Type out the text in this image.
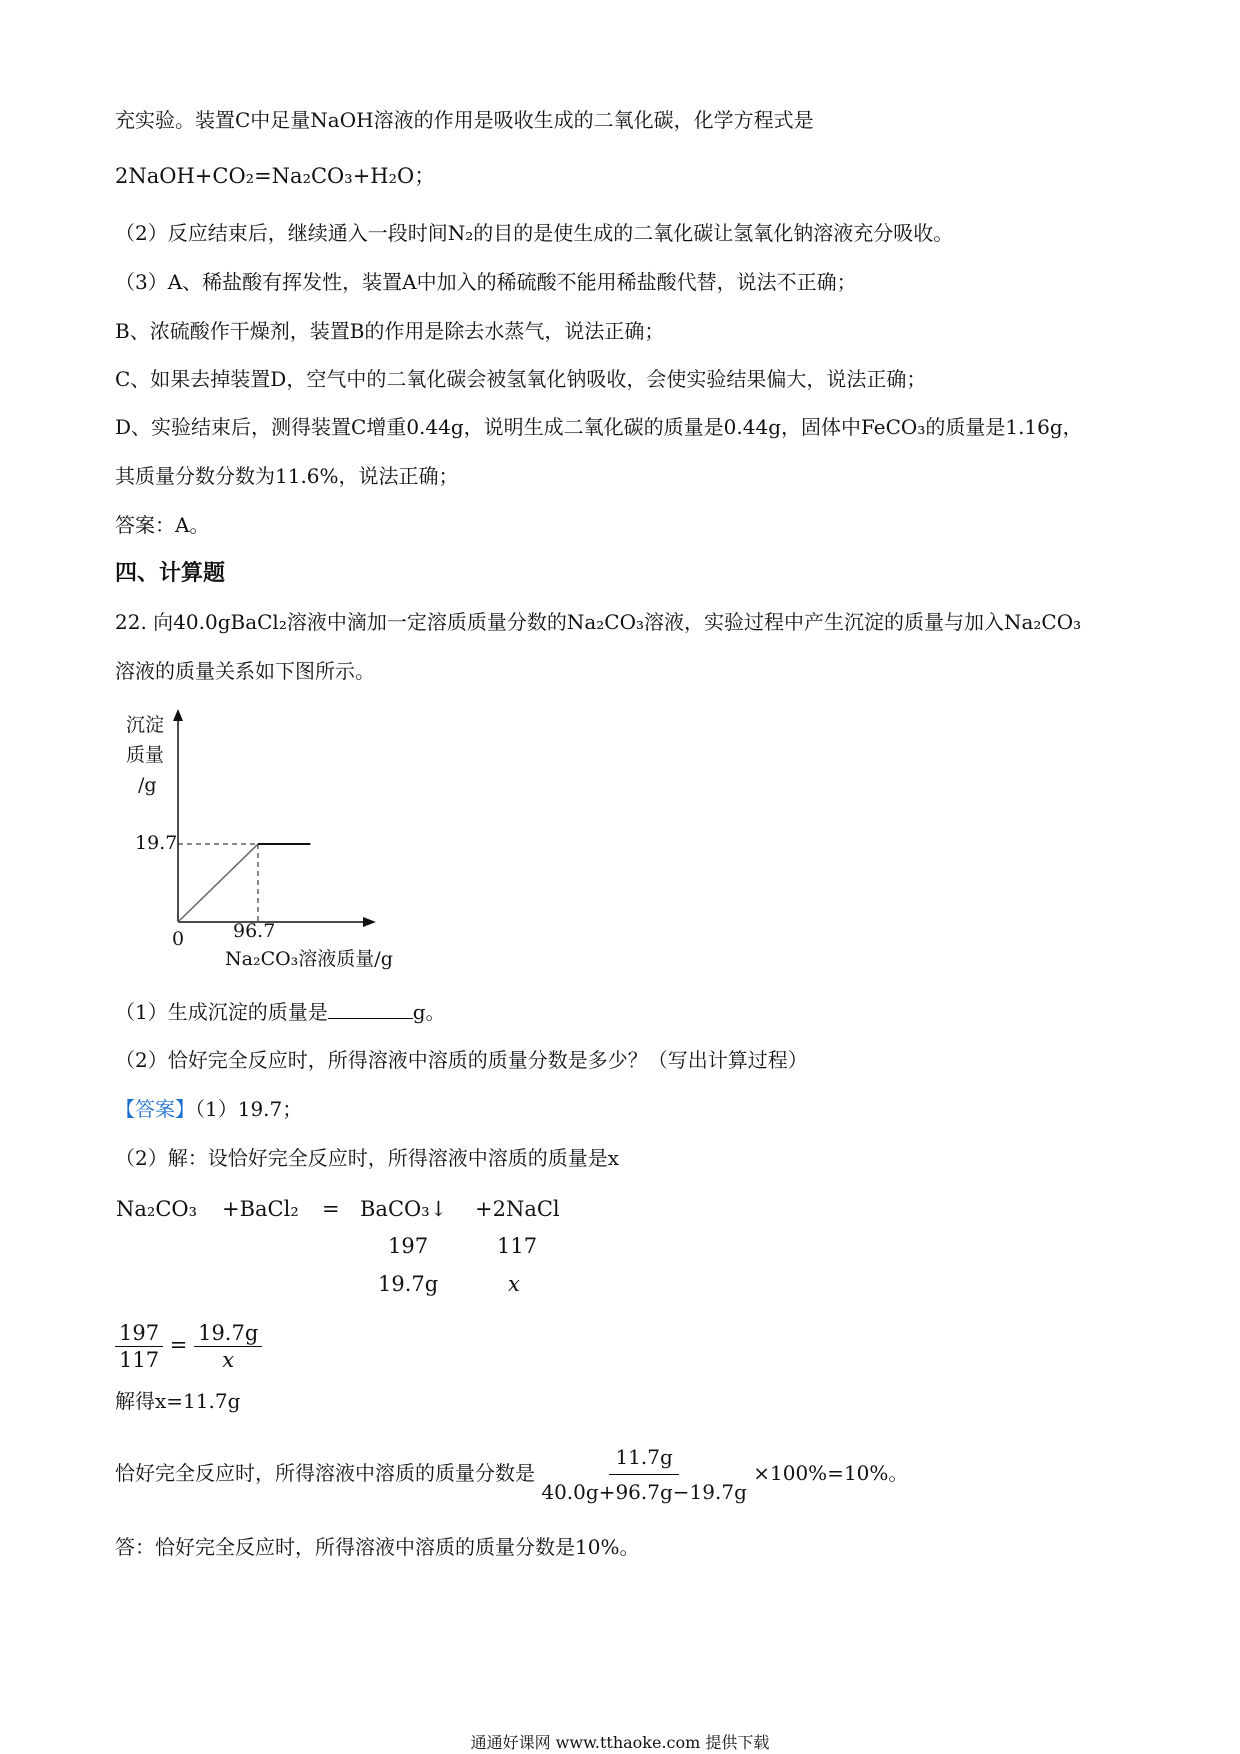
充实验。装置C中足量NaOH溶液的作用是吸收生成的二氧化碳，化学方程式是
2NaOH+CO₂=Na₂CO₃+H₂O；
（2）反应结束后，继续通入一段时间N₂的目的是使生成的二氧化碳让氢氧化钠溶液充分吸收。
（3）A、稀盐酸有挥发性，装置A中加入的稀硫酸不能用稀盐酸代替，说法不正确；
B、浓硫酸作干燥剂，装置B的作用是除去水蒸气，说法正确；
C、如果去掉装置D，空气中的二氧化碳会被氢氧化钠吸收，会使实验结果偏大，说法正确；
D、实验结束后，测得装置C增重0.44g，说明生成二氧化碳的质量是0.44g，固体中FeCO₃的质量是1.16g，
其质量分数分数为11.6%，说法正确；
答案：A。
四、计算题
22. 向40.0gBaCl₂溶液中滴加一定溶质质量分数的Na₂CO₃溶液，实验过程中产生沉淀的质量与加入Na₂CO₃
溶液的质量关系如下图所示。
沉淀
质量
/g
19.7
0	96.7
Na₂CO₃溶液质量/g
（1）生成沉淀的质量是	g。
（2）恰好完全反应时，所得溶液中溶质的质量分数是多少？（写出计算过程）
【答案】（1）19.7；
（2）解：设恰好完全反应时，所得溶液中溶质的质量是x
Na₂CO₃ +BaCl₂ = BaCO₃↓ +2NaCl
197	117
19.7g	x
$\frac{197}{117} = \frac{19.7g}{x}$
解得x=11.7g
恰好完全反应时，所得溶液中溶质的质量分数是 $\frac{11.7g}{40.0g+96.7g-19.7g} \times 100\%=10\%$。
答：恰好完全反应时，所得溶液中溶质的质量分数是10%。
通通好课网 www.tthaoke.com 提供下载
